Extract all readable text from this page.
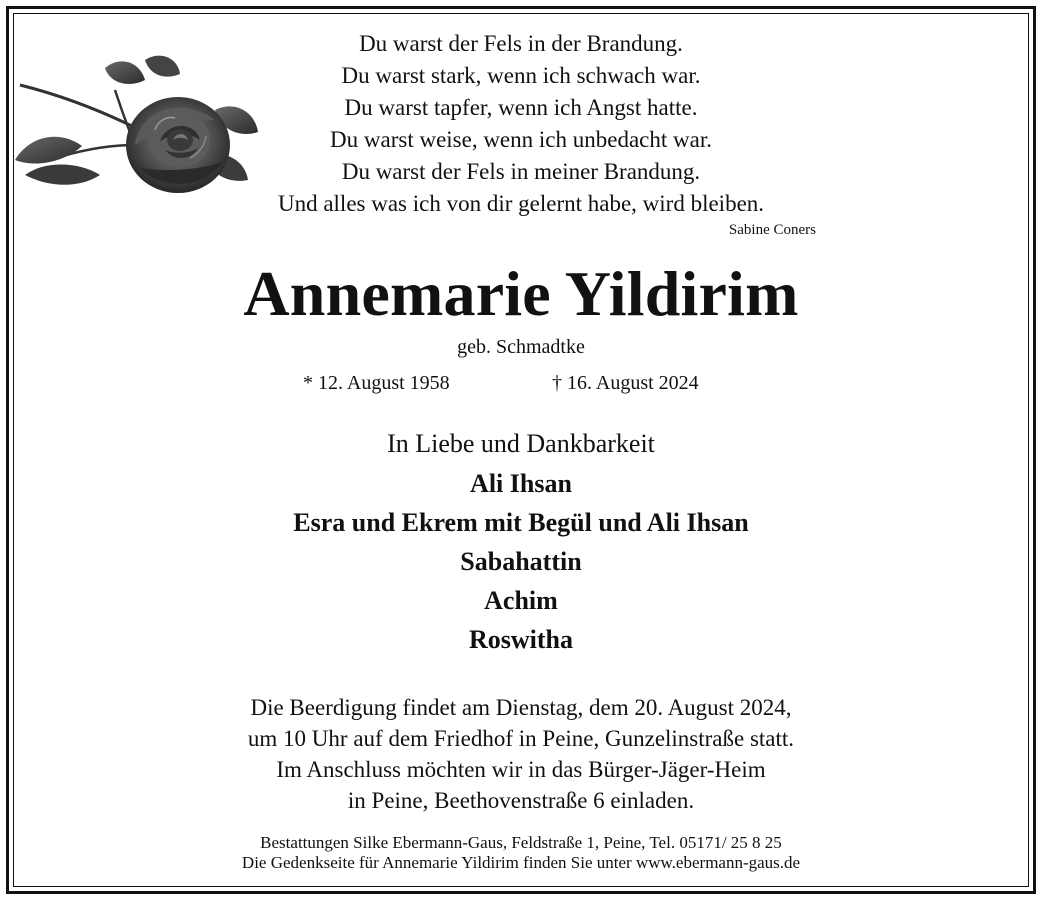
Du warst der Fels in der Brandung.
Du warst stark, wenn ich schwach war.
Du warst tapfer, wenn ich Angst hatte.
Du warst weise, wenn ich unbedacht war.
Du warst der Fels in meiner Brandung.
Und alles was ich von dir gelernt habe, wird bleiben.
Sabine Coners
Annemarie Yildirim
geb. Schmadtke
* 12. August 1958	† 16. August 2024
In Liebe und Dankbarkeit
Ali Ihsan
Esra und Ekrem mit Begül und Ali Ihsan
Sabahattin
Achim
Roswitha
Die Beerdigung findet am Dienstag, dem 20. August 2024,
um 10 Uhr auf dem Friedhof in Peine, Gunzelinstraße statt.
Im Anschluss möchten wir in das Bürger-Jäger-Heim
in Peine, Beethovenstraße 6 einladen.
Bestattungen Silke Ebermann-Gaus, Feldstraße 1, Peine, Tel. 05171/ 25 8 25
Die Gedenkseite für Annemarie Yildirim finden Sie unter www.ebermann-gaus.de
